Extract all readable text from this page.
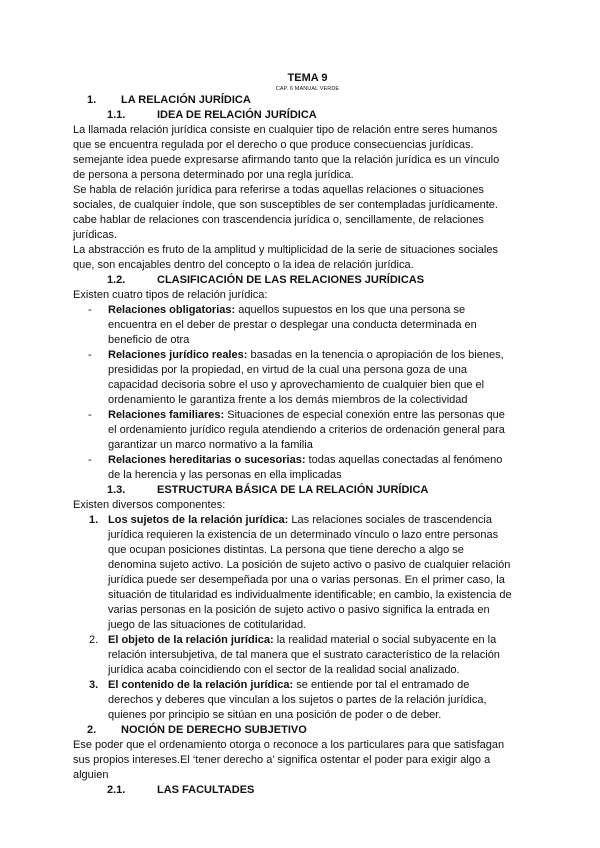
TEMA 9
CAP. 6 MANUAL VERDE
1.	LA RELACIÓN JURÍDICA
1.1.	IDEA DE RELACIÓN JURÍDICA

La llamada relación jurídica consiste en cualquier tipo de relación entre seres humanos que se encuentra regulada por el derecho o que produce consecuencias jurídicas. semejante idea puede expresarse afirmando tanto que la relación jurídica es un vínculo de persona a persona determinado por una regla jurídica.

Se habla de relación jurídica para referirse a todas aquellas relaciones o situaciones sociales, de cualquier índole, que son susceptibles de ser contempladas jurídicamente.

cabe hablar de relaciones con trascendencia jurídica o, sencillamente, de relaciones jurídicas.

La abstracción es fruto de la amplitud y multiplicidad de la serie de situaciones sociales que, son encajables dentro del concepto o la idea de relación jurídica.

1.2.	CLASIFICACIÓN DE LAS RELACIONES JURÍDICAS

Existen cuatro tipos de relación jurídica:

- Relaciones obligatorias: aquellos supuestos en los que una persona se encuentra en el deber de prestar o desplegar una conducta determinada en beneficio de otra
- Relaciones jurídico reales: basadas en la tenencia o apropiación de los bienes, presididas por la propiedad, en virtud de la cual una persona goza de una capacidad decisoria sobre el uso y aprovechamiento de cualquier bien que el ordenamiento le garantiza frente a los demás miembros de la colectividad
- Relaciones familiares: Situaciones de especial conexión entre las personas que el ordenamiento jurídico regula atendiendo a criterios de ordenación general para garantizar un marco normativo a la familia
- Relaciones hereditarias o sucesorias: todas aquellas conectadas al fenómeno de la herencia y las personas en ella implicadas
1.3.	ESTRUCTURA BÁSICA DE LA RELACIÓN JURÍDICA

Existen diversos componentes:

1. Los sujetos de la relación jurídica: Las relaciones sociales de trascendencia jurídica requieren la existencia de un determinado vínculo o lazo entre personas que ocupan posiciones distintas. La persona que tiene derecho a algo se denomina sujeto activo. La posición de sujeto activo o pasivo de cualquier relación jurídica puede ser desempeñada por una o varias personas. En el primer caso, la situación de titularidad es individualmente identificable; en cambio, la existencia de varias personas en la posición de sujeto activo o pasivo significa la entrada en juego de las situaciones de cotitularidad.
2. El objeto de la relación jurídica: la realidad material o social subyacente en la relación intersubjetiva, de tal manera que el sustrato característico de la relación jurídica acaba coincidiendo con el sector de la realidad social analizado.
3. El contenido de la relación jurídica: se entiende por tal el entramado de derechos y deberes que vinculan a los sujetos o partes de la relación jurídica, quienes por principio se sitúan en una posición de poder o de deber.
2.	NOCIÓN DE DERECHO SUBJETIVO

Ese poder que el ordenamiento otorga o reconoce a los particulares para que satisfagan sus propios intereses.El ‘tener derecho a’ significa ostentar el poder para exigir algo a alguien

2.1.	LAS FACULTADES
